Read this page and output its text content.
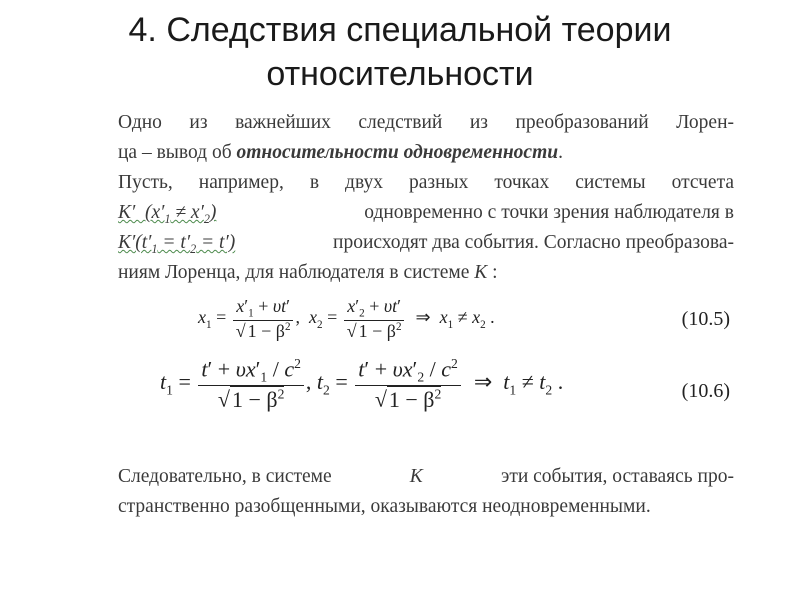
4. Следствия специальной теории
относительности
Одно из важнейших следствий из преобразований Лорен-
ца – вывод об относительности одновременности.
Пусть, например, в двух разных точках системы отсчета
K′  $(x'_1 \ne x'_2)$	одновременно с точки зрения наблюдателя в
$K'(t'_1 = t'_2 = t')$	происходят два события. Согласно преобразова-
ниям Лоренца, для наблюдателя в системе K :
$x_1 = \frac{x'_1 + \upsilon t'}{√ 1 - \beta^2}$ ,  $x_2 = \frac{x'_2 + \upsilon t'}{√ 1 - \beta^2}$ ⇒  $x_1 \ne x_2$ .	(10.5)
$t_1 = \frac{t' + \upsilon x'_1 / c^2}{√1 - \beta^2}$ , $t_2 = \frac{t' + \upsilon x'_2 / c^2}{√1 - \beta^2}$ ⇒  $t_1 \ne t_2$ .	(10.6)
Следовательно, в системе	K	эти события, оставаясь про-
странственно разобщенными, оказываются неодновременными.
